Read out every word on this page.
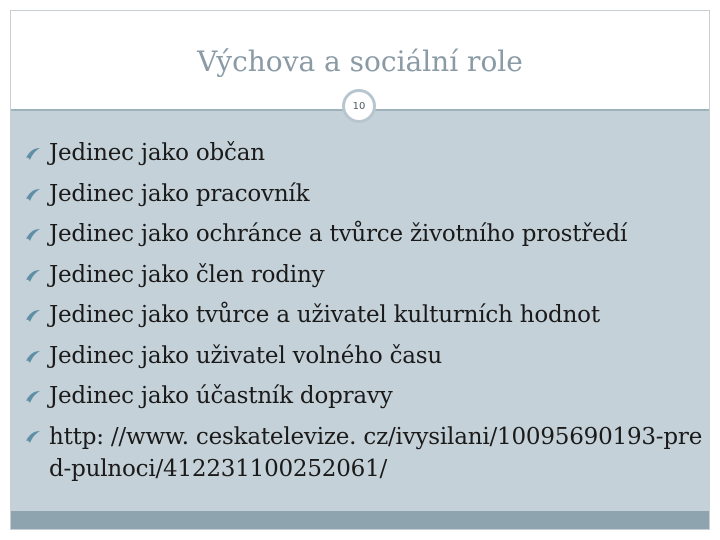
Výchova a sociální role
10
Jedinec jako občan
Jedinec jako pracovník
Jedinec jako ochránce a tvůrce životního prostředí
Jedinec jako člen rodiny
Jedinec jako tvůrce a uživatel kulturních hodnot
Jedinec jako uživatel volného času
Jedinec jako účastník dopravy
http: //www. ceskatelevize. cz/ivysilani/10095690193-pred-pulnoci/412231100252061/
